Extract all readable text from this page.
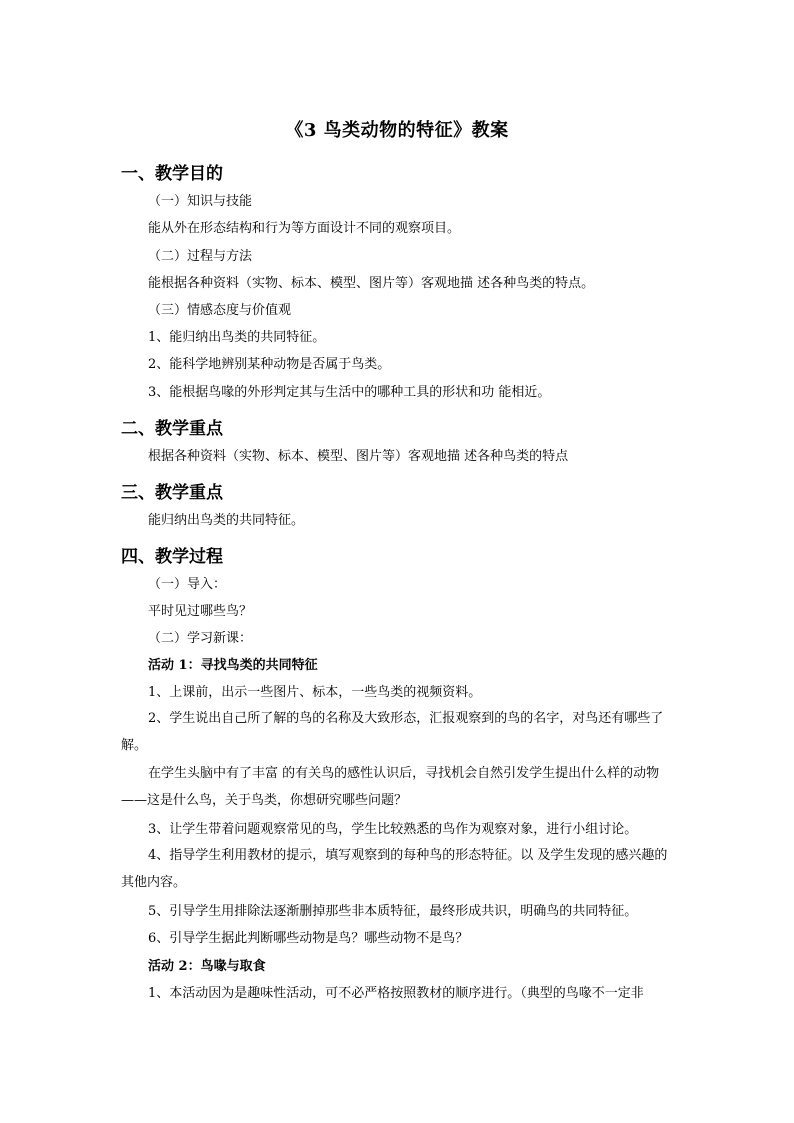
《3 鸟类动物的特征》教案
一、教学目的
（一）知识与技能
能从外在形态结构和行为等方面设计不同的观察项目。
（二）过程与方法
能根据各种资料（实物、标本、模型、图片等）客观地描 述各种鸟类的特点。
（三）情感态度与价值观
1、能归纳出鸟类的共同特征。
2、能科学地辨别某种动物是否属于鸟类。
3、能根据鸟喙的外形判定其与生活中的哪种工具的形状和功 能相近。
二、教学重点
根据各种资料（实物、标本、模型、图片等）客观地描 述各种鸟类的特点
三、教学重点
能归纳出鸟类的共同特征。
四、教学过程
（一）导入：
平时见过哪些鸟？
（二）学习新课：
活动 1：寻找鸟类的共同特征
1、上课前，出示一些图片、标本，一些鸟类的视频资料。
2、学生说出自己所了解的鸟的名称及大致形态，汇报观察到的鸟的名字，对鸟还有哪些了解。
在学生头脑中有了丰富 的有关鸟的感性认识后，寻找机会自然引发学生提出什么样的动物——这是什么鸟，关于鸟类，你想研究哪些问题？
3、让学生带着问题观察常见的鸟，学生比较熟悉的鸟作为观察对象，进行小组讨论。
4、指导学生利用教材的提示，填写观察到的每种鸟的形态特征。以 及学生发现的感兴趣的其他内容。
5、引导学生用排除法逐渐删掉那些非本质特征，最终形成共识，明确鸟的共同特征。
6、引导学生据此判断哪些动物是鸟？哪些动物不是鸟？
活动 2：鸟喙与取食
1、本活动因为是趣味性活动，可不必严格按照教材的顺序进行。（典型的鸟喙不一定非
